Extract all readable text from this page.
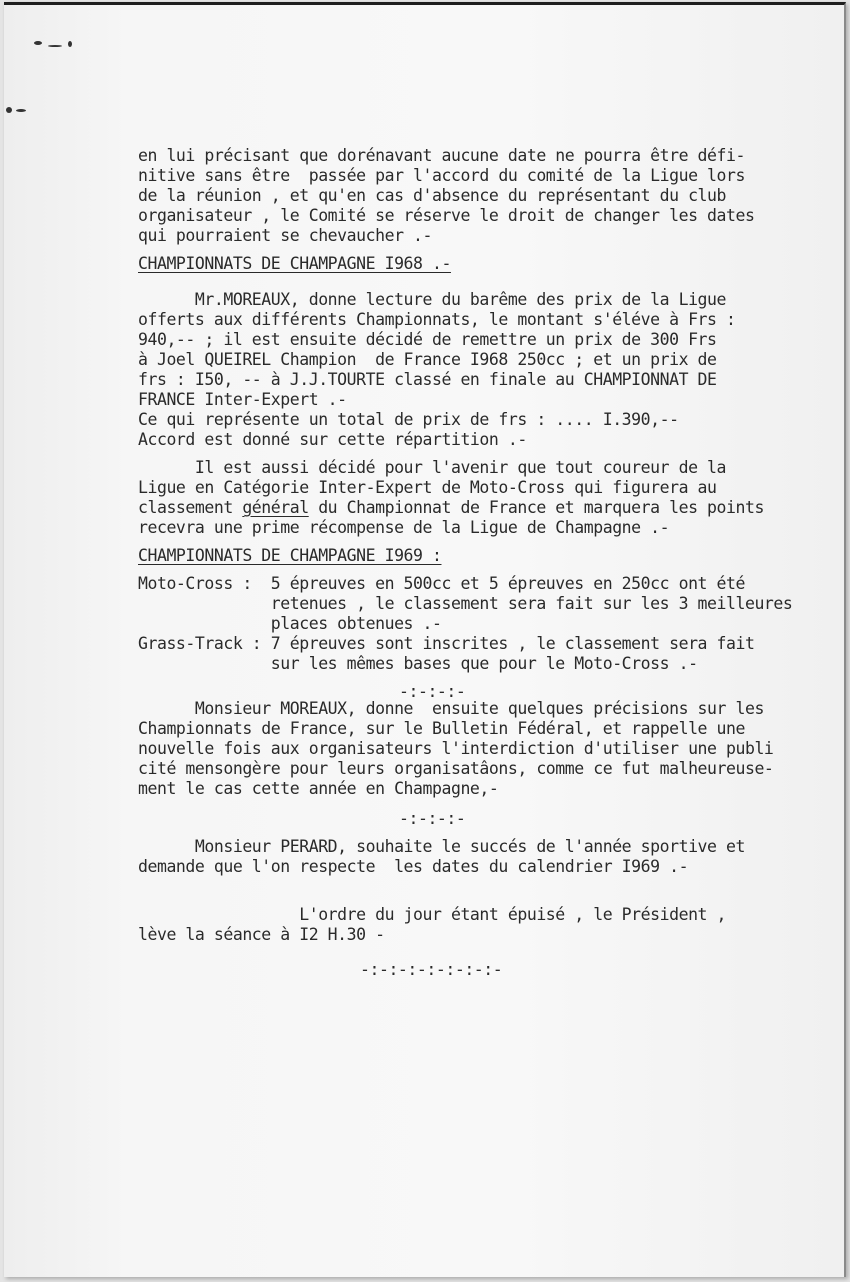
en lui précisant que dorénavant aucune date ne pourra être défi-

nitive sans être  passée par l'accord du comité de la Ligue lors

de la réunion , et qu'en cas d'absence du représentant du club

organisateur , le Comité se réserve le droit de changer les dates

qui pourraient se chevaucher .-

CHAMPIONNATS DE CHAMPAGNE I968 .-

Mr.MOREAUX, donne lecture du barême des prix de la Ligue

offerts aux différents Championnats, le montant s'éléve à Frs :

940,-- ; il est ensuite décidé de remettre un prix de 300 Frs

à Joel QUEIREL Champion  de France I968 250cc ; et un prix de

frs : I50, -- à J.J.TOURTE classé en finale au CHAMPIONNAT DE

FRANCE Inter-Expert .-

Ce qui représente un total de prix de frs : .... I.390,--

Accord est donné sur cette répartition .-

Il est aussi décidé pour l'avenir que tout coureur de la

Ligue en Catégorie Inter-Expert de Moto-Cross qui figurera au

classement général du Championnat de France et marquera les points

recevra une prime récompense de la Ligue de Champagne .-

CHAMPIONNATS DE CHAMPAGNE I969 :

Moto-Cross :  5 épreuves en 500cc et 5 épreuves en 250cc ont été

retenues , le classement sera fait sur les 3 meilleures

places obtenues .-

Grass-Track : 7 épreuves sont inscrites , le classement sera fait

sur les mêmes bases que pour le Moto-Cross .-

-:-:-:-

Monsieur MOREAUX, donne  ensuite quelques précisions sur les

Championnats de France, sur le Bulletin Fédéral, et rappelle une

nouvelle fois aux organisateurs l'interdiction d'utiliser une publi

cité mensongère pour leurs organisatâons, comme ce fut malheureuse-

ment le cas cette année en Champagne,-

-:-:-:-

Monsieur PERARD, souhaite le succés de l'année sportive et

demande que l'on respecte  les dates du calendrier I969 .-

L'ordre du jour étant épuisé , le Président ,

lève la séance à I2 H.30 -

-:-:-:-:-:-:-:-
